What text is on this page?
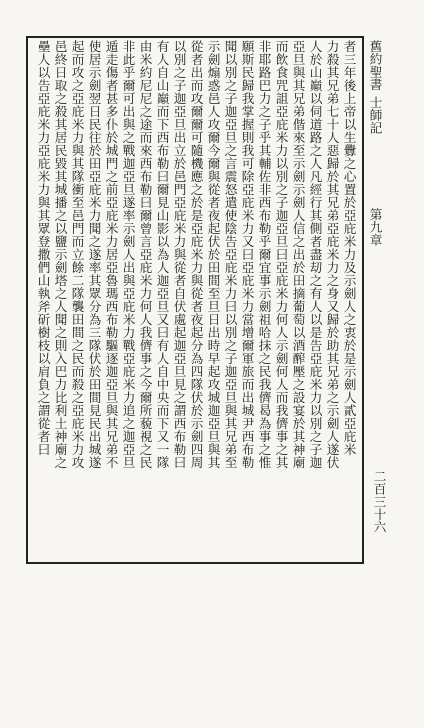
舊約聖書
士師記
第九章
二百三十六
者三年後上帝以生釁之心置於亞庇米力及示劍人之衷於是示劍人貳亞庇米
力殺其兄弟七十人惡歸於其兄弟亞庇米力之身又歸於助其兄弟之示劍人遂伏
人於山巔以伺道路之人凡經行其側者盡刧之有人以是告亞庇米力以別之子迦
亞旦與其兄弟偕來至示劍示劍人信之出於田摘葡萄以酒醡壓之設宴於其神廟
而飲食咒詛亞庇米力以別之子迦亞旦曰亞庇米力何人示劍何人而我儕事之其
非耶路巴力之子乎其輔佐非西布勒乎爾宜事示劍祖哈抹之民我儕曷為事之惟
願斯民歸我掌握則我可除亞庇米力又曰亞庇米力當增爾軍旅而出城尹西布勒
聞以別之子迦亞旦之言震怒遣使陰告亞庇米力曰以別之子迦亞旦與其兄弟至
示劍煽惑邑人攻爾今爾與從者夜起伏於田間至旦日出時早起攻城迦亞旦與其
從者出而攻爾爾可隨機應之於是亞庇米力與從者夜起分為四隊伏於示劍四周
以別之子迦亞旦出立於邑門亞庇米力與從者自伏處起迦亞旦見之謂西布勒曰
有人自山巔而下西布勒曰爾見山影以為人迦亞旦又曰有人自中央而下又一隊
由米約尼尼之途而來西布勒曰爾曾言亞庇米力何人我儕事之今爾所藐視之民
非此乎爾可出與之戰迦亞旦遂率示劍人出與亞庇米力戰亞庇米力追之迦亞旦
遁走傷者甚多仆於城門之前亞庇米力居亞魯瑪西布勒驅逐迦亞旦與其兄弟不
使居示劍翌日民往於田亞庇米力聞之遂率其眾分為三隊伏於田間見民出城遂
起而攻之亞庇米力與其隊衝至邑門而立餘二隊襲田間之民而殺之亞庇米力攻
邑終日取之殺其居民毀其城播之以鹽示劍塔之人聞之則入巴力比利土神廟之
壘人以告亞庇米力亞庇米力與其眾登撒們山執斧斫樹枝以肩負之謂從者曰
